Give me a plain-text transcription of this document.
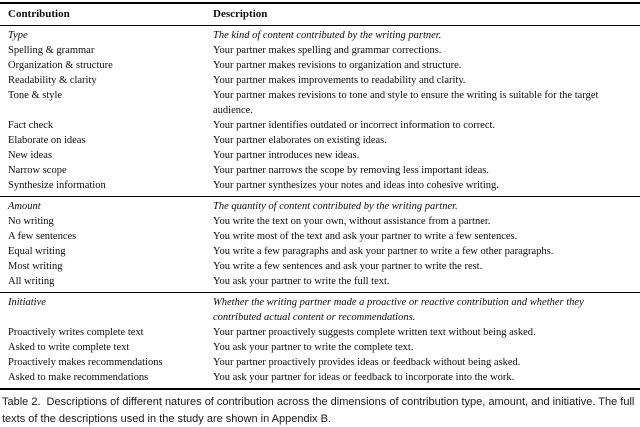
Contribution	Description
Type	The kind of content contributed by the writing partner.
Spelling & grammar	Your partner makes spelling and grammar corrections.
Organization & structure	Your partner makes revisions to organization and structure.
Readability & clarity	Your partner makes improvements to readability and clarity.
Tone & style	Your partner makes revisions to tone and style to ensure the writing is suitable for the target audience.
Fact check	Your partner identifies outdated or incorrect information to correct.
Elaborate on ideas	Your partner elaborates on existing ideas.
New ideas	Your partner introduces new ideas.
Narrow scope	Your partner narrows the scope by removing less important ideas.
Synthesize information	Your partner synthesizes your notes and ideas into cohesive writing.
Amount	The quantity of content contributed by the writing partner.
No writing	You write the text on your own, without assistance from a partner.
A few sentences	You write most of the text and ask your partner to write a few sentences.
Equal writing	You write a few paragraphs and ask your partner to write a few other paragraphs.
Most writing	You write a few sentences and ask your partner to write the rest.
All writing	You ask your partner to write the full text.
Initiative	Whether the writing partner made a proactive or reactive contribution and whether they contributed actual content or recommendations.
Proactively writes complete text	Your partner proactively suggests complete written text without being asked.
Asked to write complete text	You ask your partner to write the complete text.
Proactively makes recommendations	Your partner proactively provides ideas or feedback without being asked.
Asked to make recommendations	You ask your partner for ideas or feedback to incorporate into the work.
Table 2. Descriptions of different natures of contribution across the dimensions of contribution type, amount, and initiative. The full texts of the descriptions used in the study are shown in Appendix B.
